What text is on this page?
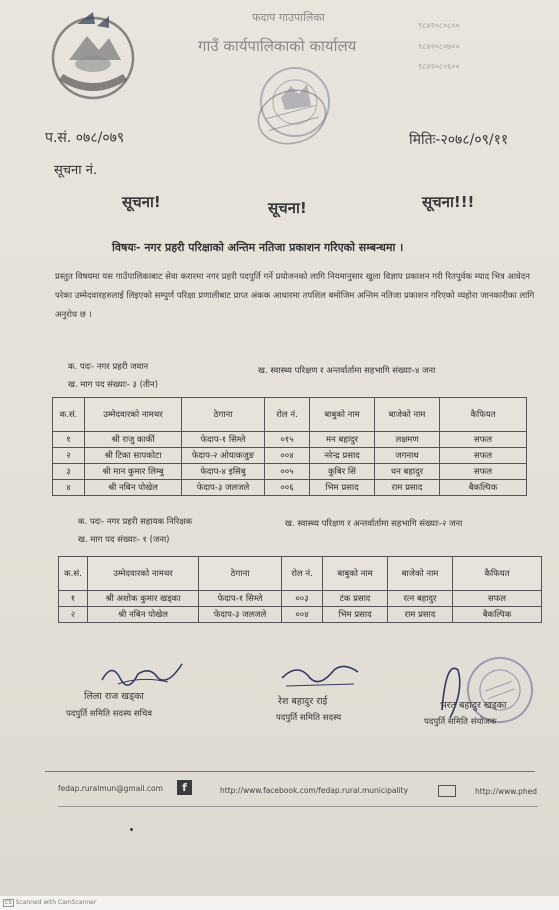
फदाप गाउपालिका
गाउँ कार्यपालिकाको कार्यालय
९८४२०८०८००
९८४२०८०७००
९८४२०८०६००
प.सं. ०७८/०७९	मितिः-२०७८/०९/११
सूचना नं.
सूचना!	सूचना!	सूचना!!!
विषयः- नगर प्रहरी परिक्षाको अन्तिम नतिजा प्रकाशन गरिएको सम्बन्धमा ।
प्रस्तुत विषयमा यस गाउँपालिकाबाट सेवा करारमा नगर प्रहरी पदपुर्ति गर्ने प्रयोजनको लागि नियमानुसार खुला विज्ञाप प्रकाशन गरी रितपुर्वक म्याद भित्र आवेदन परेका उम्मेदवारहरुलाई लिइएको सम्पुर्ण परिक्षा प्रणालीबाट प्राप्त अंकक आधारमा तपशिल बमोजिम अन्तिम नतिजा प्रकाशन गरिएको व्यहोरा जानकारीका लागि अनुरोध छ ।
क. पदः- नगर प्रहरी जवान	ख. स्वास्थ्य परिक्षण र अन्तर्वार्तामा सहभागि संख्याः-४ जना
ख. माग पद संख्याः- ३ (तीन)
क.सं.	उम्मेदवारको नामथर	ठेगाना	रोल नं.	बाबुको नाम	बाजेको नाम	कैफियत
१	श्री राजु कार्की	फेदाप-१ सिम्ले	०१५	मन बहादुर	लक्षमण	सफल
२	श्री टिका सापकोटा	फेदाप-२ ओयाकजुङ	००४	नरेन्द्र प्रसाद	जगनाथ	सफल
३	श्री मान कुमार लिम्बु	फेदाप-४ इसिबु	००५	कुबिर सिं	धन बहादुर	सफल
४	श्री नबिन पोखेल	फेदाप-३ जलजले	००६	भिम प्रसाद	राम प्रसाद	बैकल्पिक
क. पदः- नगर प्रहरी सहायक निरिक्षक	ख. स्वास्थ्य परिक्षण र अन्तर्वार्तामा सहभागि संख्याः-२ जना
ख. माग पद संख्याः- १ (जना)
क.सं.	उम्मेदवारको नामथर	ठेगाना	रोल नं.	बाबुको नाम	बाजेको नाम	कैफियत
१	श्री अशोक कुमार खड्का	फेदाप-१ सिम्ले	००३	टंक प्रसाद	रत्न बहादुर	सफल
२	श्री नबिन पोखेल	फेदाप-३ जलजले	००४	भिम प्रसाद	राम प्रसाद	बैकल्पिक
लिला राज खड्का
पदपुर्ति समिति सदस्य सचिव
रेश बहादुर राई
पदपुर्ति समिति सदस्य
भरत बहादुर खड्का
पदपुर्ति समिति संयोजक
fedap.ruralmun@gmail.com	f	http://www.facebook.com/fedap.rural.municipality	http://www.phed
CS Scanned with CamScanner
